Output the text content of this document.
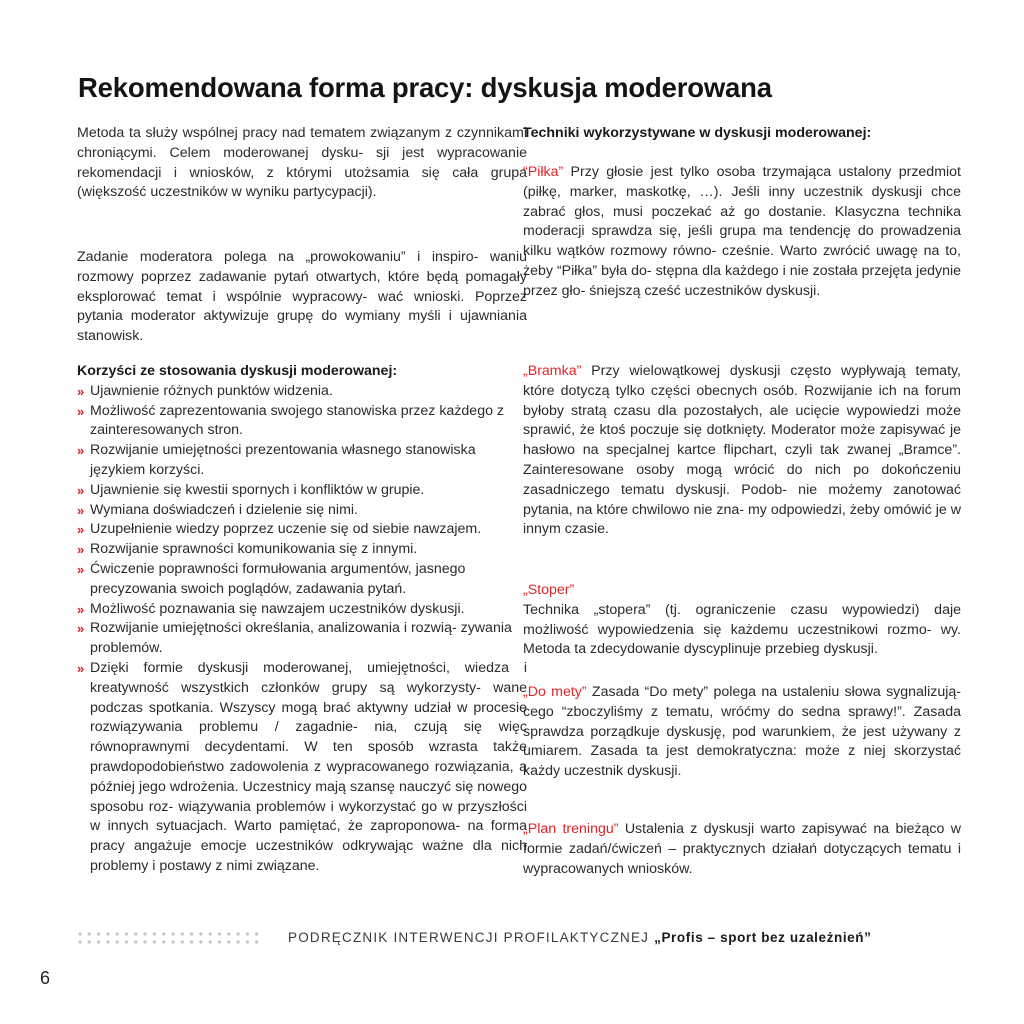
Rekomendowana forma pracy: dyskusja moderowana

Metoda ta służy wspólnej pracy nad tematem związanym z czynnikami chroniącymi. Celem moderowanej dysku- sji jest wypracowanie rekomendacji i wniosków, z którymi utożsamia się cała grupa (większość uczestników w wyniku partycypacji).

Zadanie moderatora polega na „prowokowaniu” i inspiro- waniu rozmowy poprzez zadawanie pytań otwartych, które będą pomagały eksplorować temat i wspólnie wypracowy- wać wnioski. Poprzez pytania moderator aktywizuje grupę do wymiany myśli i ujawniania stanowisk.

Korzyści ze stosowania dyskusji moderowanej:

» Ujawnienie różnych punktów widzenia.
» Możliwość zaprezentowania swojego stanowiska przez każdego z zainteresowanych stron.
» Rozwijanie umiejętności prezentowania własnego stanowiska językiem korzyści.
» Ujawnienie się kwestii spornych i konfliktów w grupie.
» Wymiana doświadczeń i dzielenie się nimi.
» Uzupełnienie wiedzy poprzez uczenie się od siebie nawzajem.
» Rozwijanie sprawności komunikowania się z innymi.
» Ćwiczenie poprawności formułowania argumentów, jasnego precyzowania swoich poglądów, zadawania pytań.
» Możliwość poznawania się nawzajem uczestników dyskusji.
» Rozwijanie umiejętności określania, analizowania i rozwią- zywania problemów.
» Dzięki formie dyskusji moderowanej, umiejętności, wiedza i kreatywność wszystkich członków grupy są wykorzysty- wane podczas spotkania. Wszyscy mogą brać aktywny udział w procesie rozwiązywania problemu / zagadnie- nia, czują się więc równoprawnymi decydentami. W ten sposób wzrasta także prawdopodobieństwo zadowolenia z wypracowanego rozwiązania, a później jego wdrożenia. Uczestnicy mają szansę nauczyć się nowego sposobu roz- wiązywania problemów i wykorzystać go w przyszłości w innych sytuacjach. Warto pamiętać, że zaproponowa- na forma pracy angażuje emocje uczestników odkrywając ważne dla nich problemy i postawy z nimi związane.

Techniki wykorzystywane w dyskusji moderowanej:

“Piłka” Przy głosie jest tylko osoba trzymająca ustalony przedmiot (piłkę, marker, maskotkę, …). Jeśli inny uczestnik dyskusji chce zabrać głos, musi poczekać aż go dostanie. Klasyczna technika moderacji sprawdza się, jeśli grupa ma tendencję do prowadzenia kilku wątków rozmowy równo- cześnie. Warto zwrócić uwagę na to, żeby “Piłka” była do- stępna dla każdego i nie została przejęta jedynie przez gło- śniejszą cześć uczestników dyskusji.

„Bramka” Przy wielowątkowej dyskusji często wypływają tematy, które dotyczą tylko części obecnych osób. Rozwijanie ich na forum byłoby stratą czasu dla pozostałych, ale ucięcie wypowiedzi może sprawić, że ktoś poczuje się dotknięty. Moderator może zapisywać je hasłowo na specjalnej kartce flipchart, czyli tak zwanej „Bramce”. Zainteresowane osoby mogą wrócić do nich po dokończeniu zasadniczego tematu dyskusji. Podob- nie możemy zanotować pytania, na które chwilowo nie zna- my odpowiedzi, żeby omówić je w innym czasie.

„Stoper”
Technika „stopera” (tj. ograniczenie czasu wypowiedzi) daje możliwość wypowiedzenia się każdemu uczestnikowi rozmo- wy. Metoda ta zdecydowanie dyscyplinuje przebieg dyskusji.

„Do mety” Zasada “Do mety” polega na ustaleniu słowa sygnalizują- cego “zboczyliśmy z tematu, wróćmy do sedna sprawy!”. Zasada sprawdza porządkuje dyskusję, pod warunkiem, że jest używany z umiarem. Zasada ta jest demokratyczna: może z niej skorzystać każdy uczestnik dyskusji.

„Plan treningu” Ustalenia z dyskusji warto zapisywać na bieżąco w formie zadań/ćwiczeń – praktycznych działań dotyczących tematu i wypracowanych wniosków.

PODRĘCZNIK INTERWENCJI PROFILAKTYCZNEJ „Profis – sport bez uzależnień”
6
